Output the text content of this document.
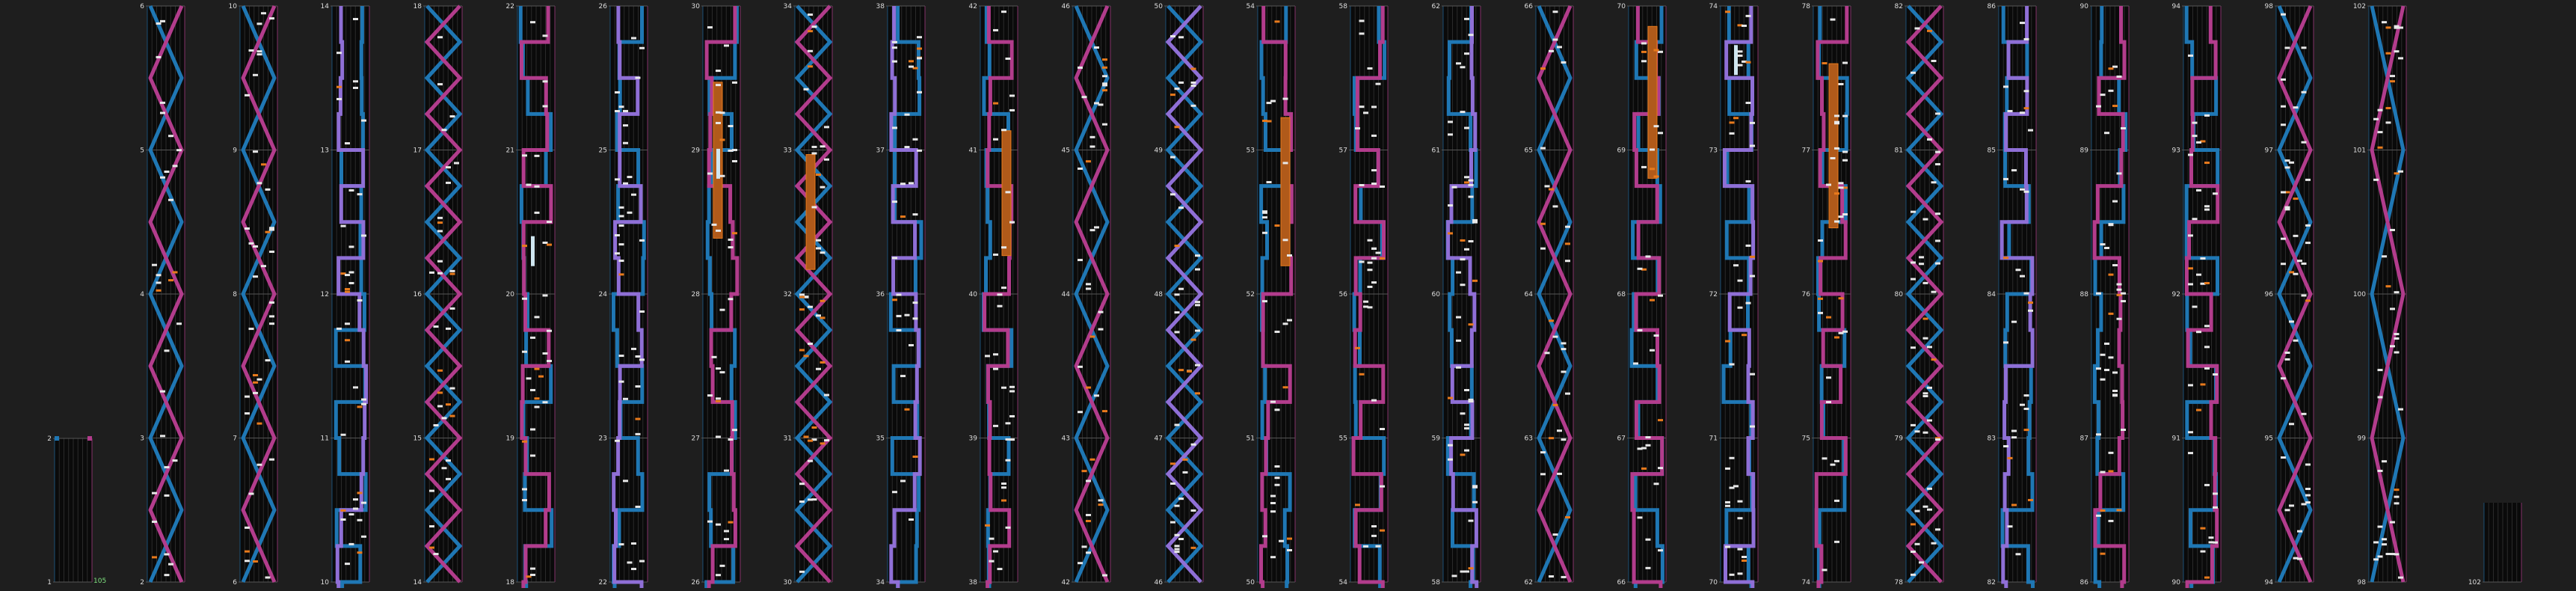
2
1	105
6
5
4
3
2
10
9
8
7
6
14
13
12
11
10
18
17
16
15
14
22
21
20
19
18
26
25
24
23
22
30
29
28
27
26
34
33
32
31
30
38
37
36
35
34
42
41
40
39
38
46
45
44
43
42
50
49
48
47
46
54
53
52
51
50
58
57
56
55
54
62
61
60
59
58
66
65
64
63
62
70
69
68
67
66
74
73
72
71
70
78
77
76
75
74
82
81
80
79
78
86
85
84
83
82
90
89
88
87
86
94
93
92
91
90
98
97
96
95
94
102
101
100
99
98	102
